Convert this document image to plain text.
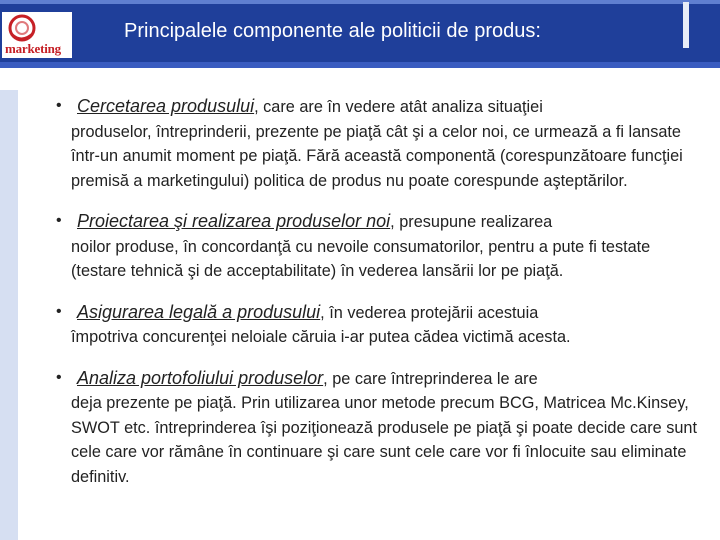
marketing
Principalele componente ale politicii de produs:
• Cercetarea produsului, care are în vedere atât analiza situaţiei
produselor, întreprinderii, prezente pe piaţă cât şi a celor noi, ce urmează a fi lansate într-un anumit moment pe piaţă. Fără această componentă (corespunzătoare funcţiei premisă a marketingului) politica de produs nu poate corespunde aşteptărilor.
• Proiectarea şi realizarea produselor noi, presupune realizarea
noilor produse, în concordanţă cu nevoile consumatorilor, pentru a pute fi testate (testare tehnică şi de acceptabilitate) în vederea lansării lor pe piaţă.
• Asigurarea legală a produsului, în vederea protejării acestuia
împotriva concurenţei neloiale căruia i-ar putea cădea victimă acesta.
• Analiza portofoliului produselor, pe care întreprinderea le are
deja prezente pe piaţă. Prin utilizarea unor metode precum BCG, Matricea Mc.Kinsey, SWOT etc. întreprinderea îşi poziţionează produsele pe piaţă şi poate decide care sunt cele care vor rămâne în continuare şi care sunt cele care vor fi înlocuite sau eliminate definitiv.
